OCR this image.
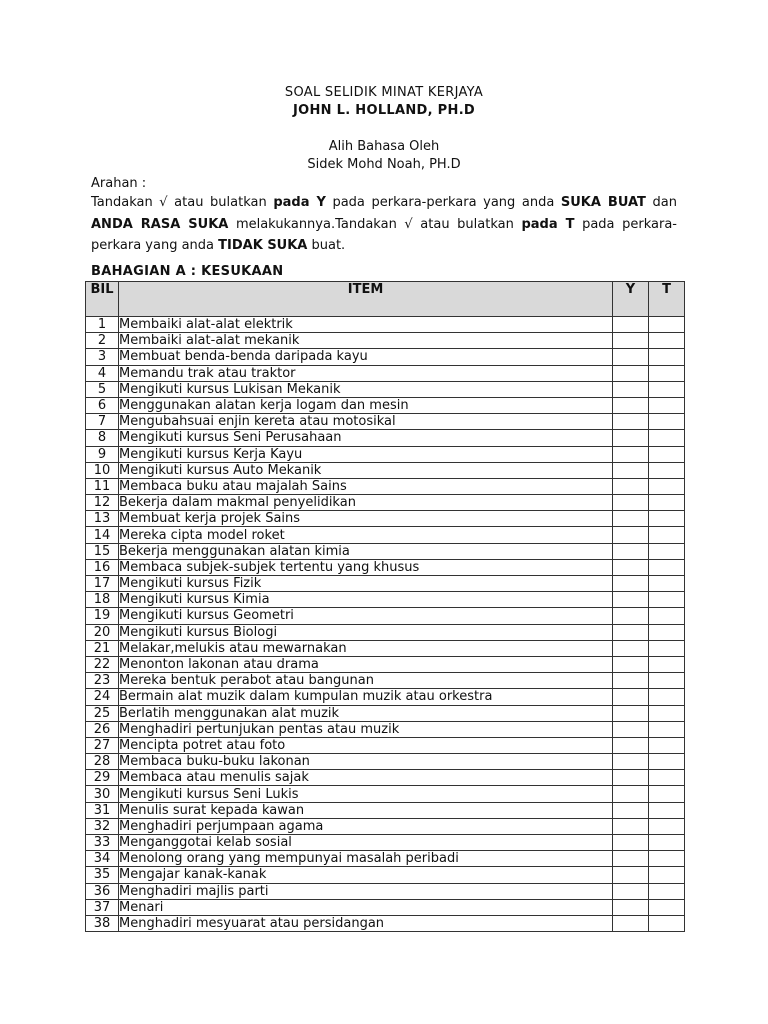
SOAL SELIDIK MINAT KERJAYA
JOHN L. HOLLAND, PH.D
Alih Bahasa Oleh
Sidek Mohd Noah, PH.D
Arahan :
Tandakan √ atau bulatkan pada Y pada perkara-perkara yang anda SUKA BUAT dan ANDA RASA SUKA melakukannya.Tandakan √ atau bulatkan pada T pada perkara-perkara yang anda TIDAK SUKA buat.
BAHAGIAN A : KESUKAAN
BIL	ITEM	Y	T
1	Membaiki alat-alat elektrik		
2	Membaiki alat-alat mekanik		
3	Membuat benda-benda daripada kayu		
4	Memandu trak atau traktor		
5	Mengikuti kursus Lukisan Mekanik		
6	Menggunakan alatan kerja logam dan mesin		
7	Mengubahsuai enjin kereta atau motosikal		
8	Mengikuti kursus Seni Perusahaan		
9	Mengikuti kursus Kerja Kayu		
10	Mengikuti kursus Auto Mekanik		
11	Membaca buku atau majalah Sains		
12	Bekerja dalam makmal penyelidikan		
13	Membuat kerja projek Sains		
14	Mereka cipta model roket		
15	Bekerja menggunakan alatan kimia		
16	Membaca subjek-subjek tertentu yang khusus		
17	Mengikuti kursus Fizik		
18	Mengikuti kursus Kimia		
19	Mengikuti kursus Geometri		
20	Mengikuti kursus Biologi		
21	Melakar,melukis atau mewarnakan		
22	Menonton lakonan atau drama		
23	Mereka bentuk perabot atau bangunan		
24	Bermain alat muzik dalam kumpulan muzik atau orkestra		
25	Berlatih menggunakan alat muzik		
26	Menghadiri pertunjukan pentas atau muzik		
27	Mencipta potret atau foto		
28	Membaca buku-buku lakonan		
29	Membaca atau menulis sajak		
30	Mengikuti kursus Seni Lukis		
31	Menulis surat kepada kawan		
32	Menghadiri perjumpaan agama		
33	Menganggotai kelab sosial		
34	Menolong orang yang mempunyai masalah peribadi		
35	Mengajar kanak-kanak		
36	Menghadiri majlis parti		
37	Menari		
38	Menghadiri mesyuarat atau persidangan		
